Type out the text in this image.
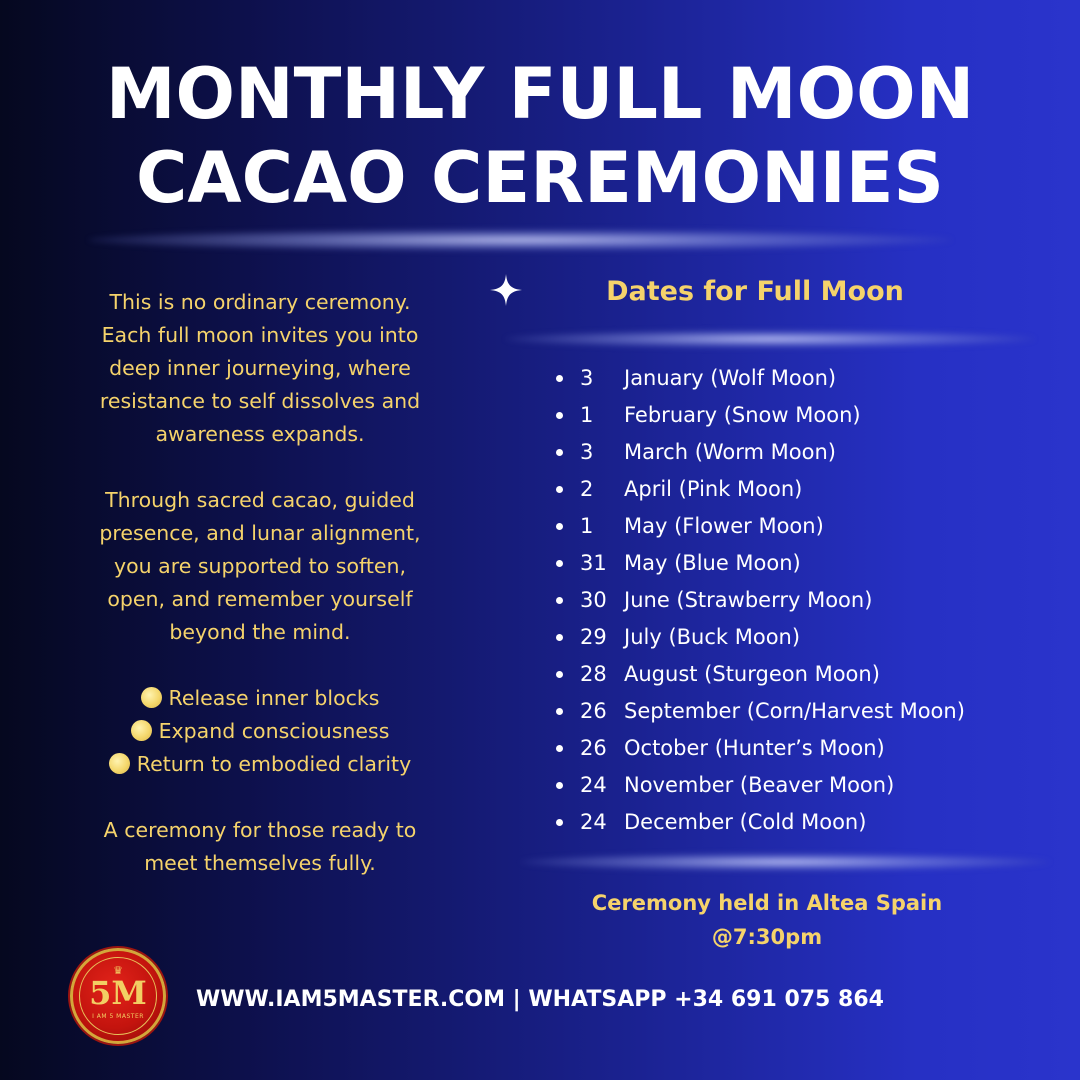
MONTHLY FULL MOON
CACAO CEREMONIES

This is no ordinary ceremony.
Each full moon invites you into
deep inner journeying, where
resistance to self dissolves and
awareness expands.

Through sacred cacao, guided
presence, and lunar alignment,
you are supported to soften,
open, and remember yourself
beyond the mind.

Release inner blocks
Expand consciousness
Return to embodied clarity

A ceremony for those ready to
meet themselves fully.

Dates for Full Moon
3	January (Wolf Moon)
1	February (Snow Moon)
3	March (Worm Moon)
2	April (Pink Moon)
1	May (Flower Moon)
31 May (Blue Moon)
30 June (Strawberry Moon)
29 July (Buck Moon)
28 August (Sturgeon Moon)
26 September (Corn/Harvest Moon)
26 October (Hunter’s Moon)
24 November (Beaver Moon)
24 December (Cold Moon)
Ceremony held in Altea Spain
@7:30pm
♛
5M
I AM 5 MASTER
WWW.IAM5MASTER.COM | WHATSAPP +34 691 075 864
